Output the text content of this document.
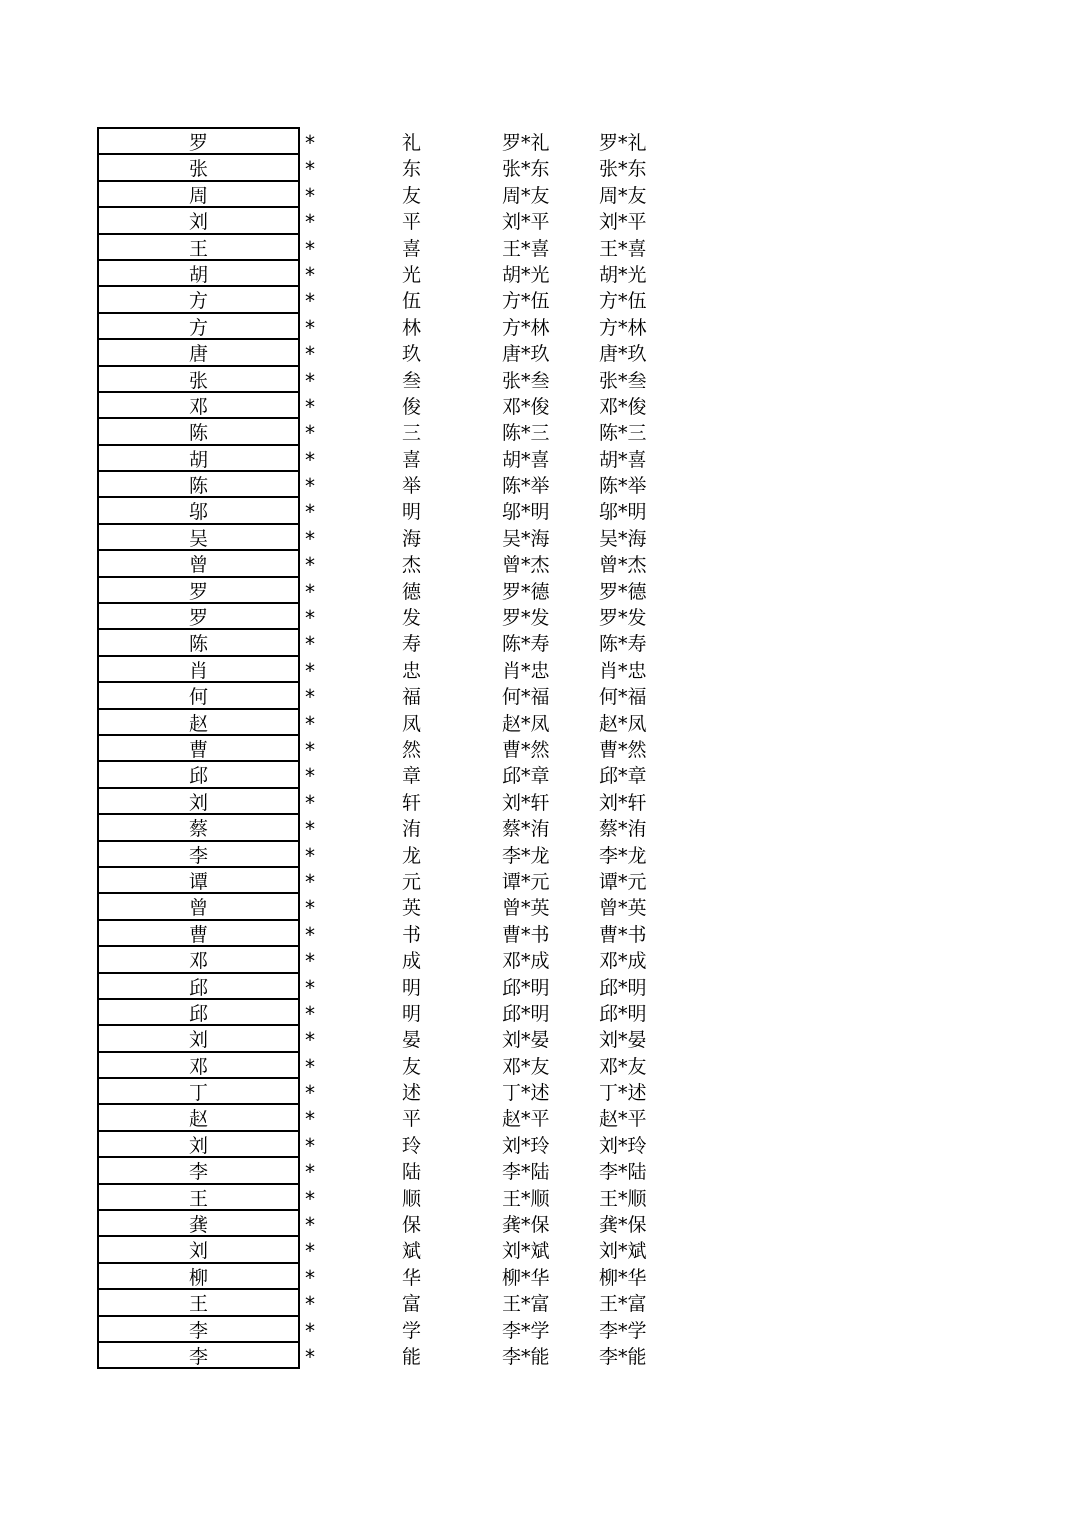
罗	*	礼	罗*礼	罗*礼
张	*	东	张*东	张*东
周	*	友	周*友	周*友
刘	*	平	刘*平	刘*平
王	*	喜	王*喜	王*喜
胡	*	光	胡*光	胡*光
方	*	伍	方*伍	方*伍
方	*	林	方*林	方*林
唐	*	玖	唐*玖	唐*玖
张	*	叁	张*叁	张*叁
邓	*	俊	邓*俊	邓*俊
陈	*	三	陈*三	陈*三
胡	*	喜	胡*喜	胡*喜
陈	*	举	陈*举	陈*举
邬	*	明	邬*明	邬*明
吴	*	海	吴*海	吴*海
曾	*	杰	曾*杰	曾*杰
罗	*	德	罗*德	罗*德
罗	*	发	罗*发	罗*发
陈	*	寿	陈*寿	陈*寿
肖	*	忠	肖*忠	肖*忠
何	*	福	何*福	何*福
赵	*	凤	赵*凤	赵*凤
曹	*	然	曹*然	曹*然
邱	*	章	邱*章	邱*章
刘	*	轩	刘*轩	刘*轩
蔡	*	洧	蔡*洧	蔡*洧
李	*	龙	李*龙	李*龙
谭	*	元	谭*元	谭*元
曾	*	英	曾*英	曾*英
曹	*	书	曹*书	曹*书
邓	*	成	邓*成	邓*成
邱	*	明	邱*明	邱*明
邱	*	明	邱*明	邱*明
刘	*	晏	刘*晏	刘*晏
邓	*	友	邓*友	邓*友
丁	*	述	丁*述	丁*述
赵	*	平	赵*平	赵*平
刘	*	玲	刘*玲	刘*玲
李	*	陆	李*陆	李*陆
王	*	顺	王*顺	王*顺
龚	*	保	龚*保	龚*保
刘	*	斌	刘*斌	刘*斌
柳	*	华	柳*华	柳*华
王	*	富	王*富	王*富
李	*	学	李*学	李*学
李	*	能	李*能	李*能
